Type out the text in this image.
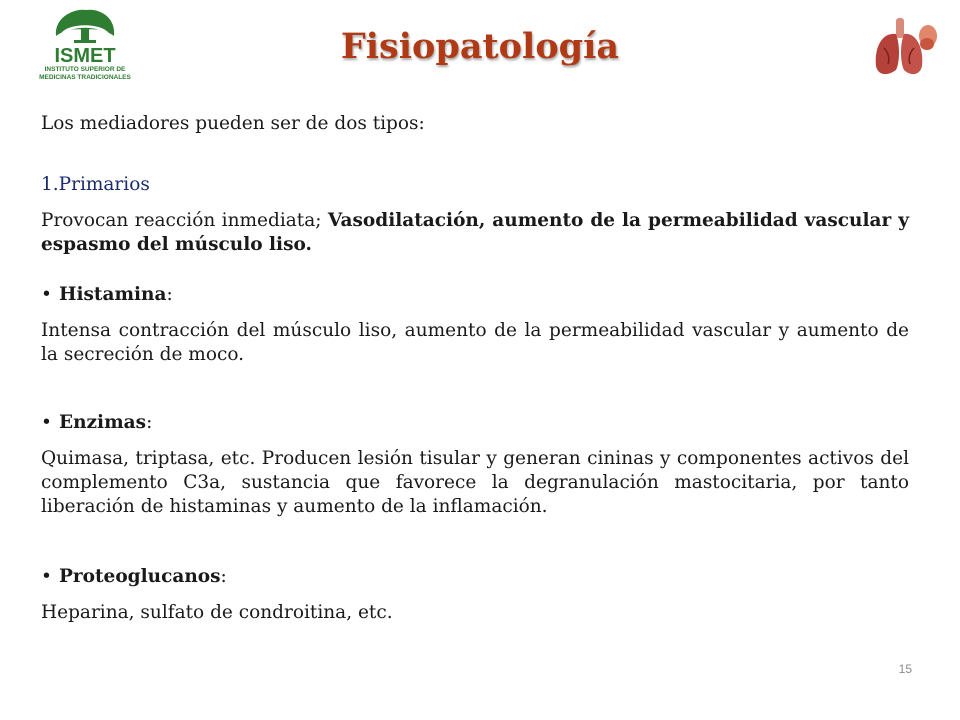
ISMET
INSTITUTO SUPERIOR DE
MEDICINAS TRADICIONALES
Fisiopatología

Los mediadores pueden ser de dos tipos:

1.Primarios

Provocan reacción inmediata; Vasodilatación, aumento de la permeabilidad vascular y espasmo del músculo liso.

• Histamina:

Intensa contracción del músculo liso, aumento de la permeabilidad vascular y aumento de la secreción de moco.

• Enzimas:

Quimasa, triptasa, etc. Producen lesión tisular y generan cininas y componentes activos del complemento C3a, sustancia que favorece la degranulación mastocitaria, por tanto liberación de histaminas y aumento de la inflamación.

• Proteoglucanos:

Heparina, sulfato de condroitina, etc.

15
